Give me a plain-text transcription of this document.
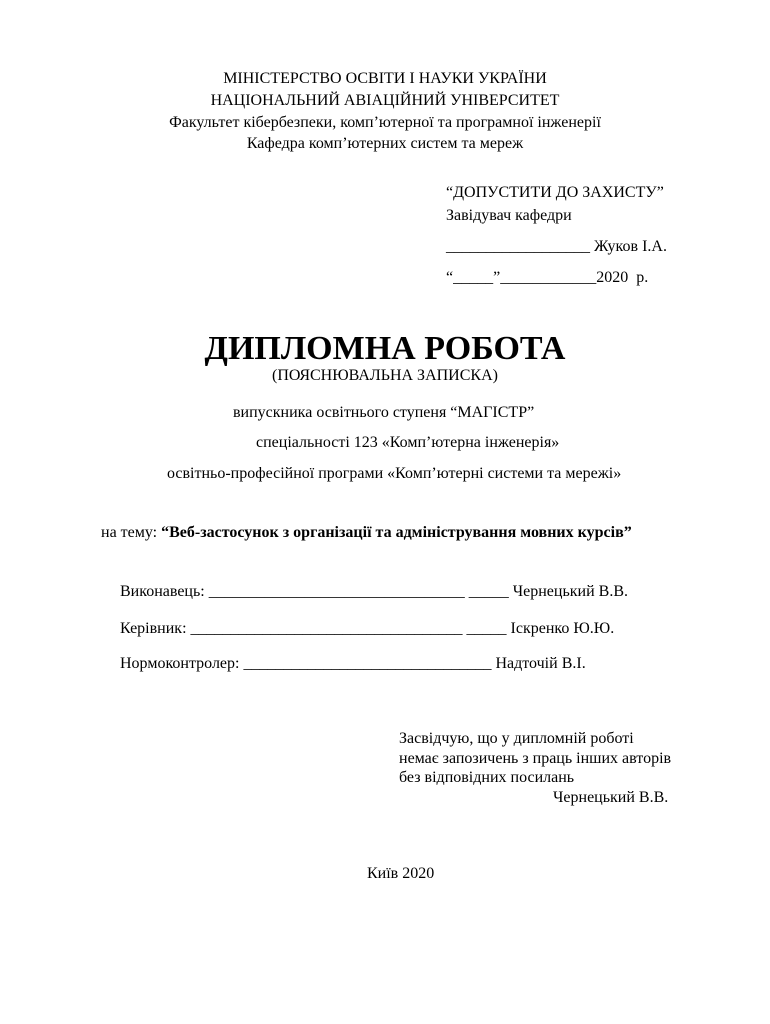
МІНІСТЕРСТВО ОСВІТИ І НАУКИ УКРАЇНИ
НАЦІОНАЛЬНИЙ АВІАЦІЙНИЙ УНІВЕРСИТЕТ
Факультет кібербезпеки, комп’ютерної та програмної інженерії
Кафедра комп’ютерних систем та мереж
“ДОПУСТИТИ ДО ЗАХИСТУ”
Завідувач кафедри
__________________ Жуков І.А.
“_____”____________2020  р.
ДИПЛОМНА РОБОТА
(ПОЯСНЮВАЛЬНА ЗАПИСКА)
випускника освітнього ступеня “МАГІСТР”
спеціальності 123 «Комп’ютерна інженерія»
освітньо-професійної програми «Комп’ютерні системи та мережі»
на тему: “Веб-застосунок з організації та адміністрування мовних курсів”
Виконавець: ________________________________ _____ Чернецький В.В.
Керівник: __________________________________ _____ Іскренко Ю.Ю.
Нормоконтролер: _______________________________ Надточій В.І.
Засвідчую, що у дипломній роботі
немає запозичень з праць інших авторів
без відповідних посилань
Чернецький В.В.
Київ 2020
